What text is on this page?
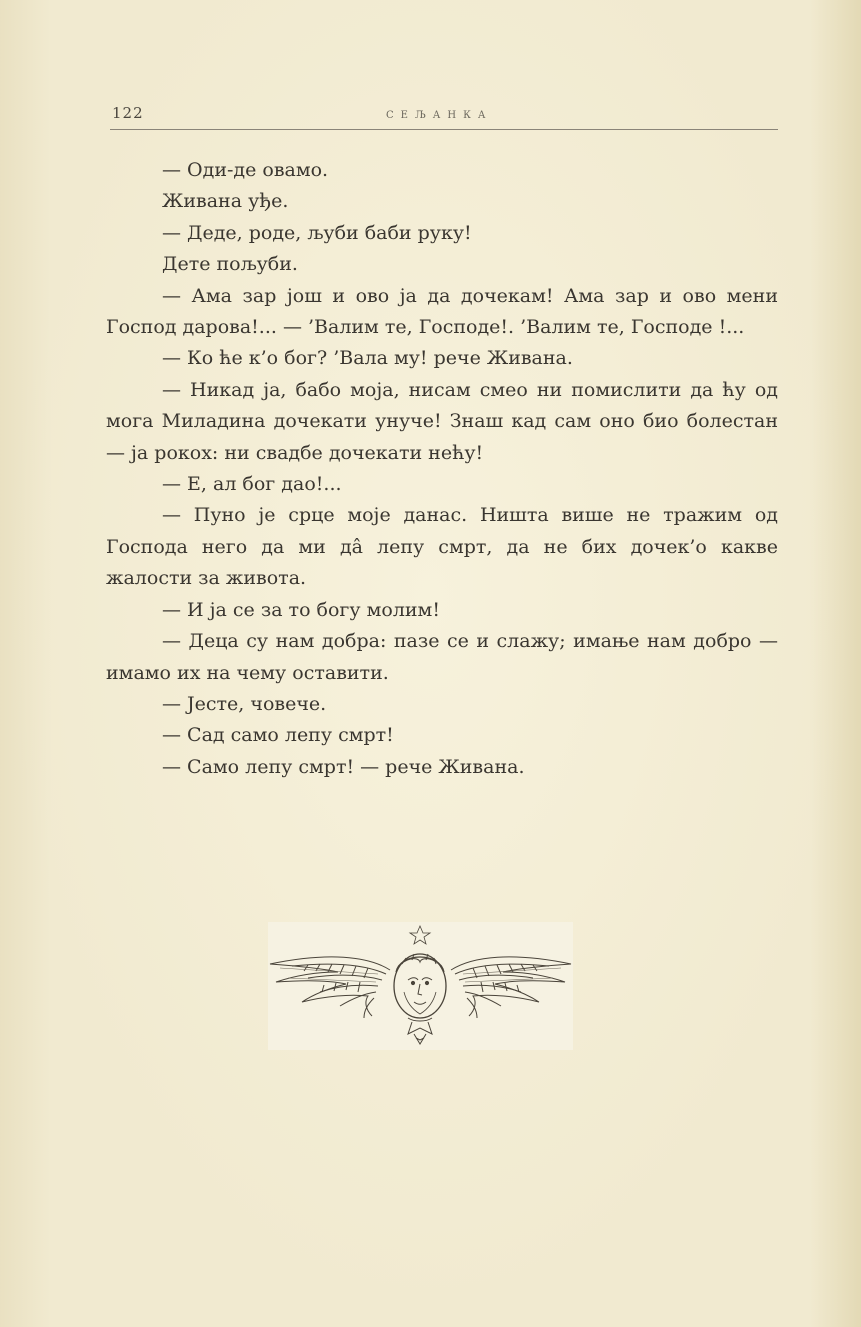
122	СЕЉАНКА

— Оди-де овамо.

Живана уђе.

— Деде, роде, љуби баби руку!

Дете пољуби.

— Ама зар још и ово ја да дочекам! Ама зар и ово мени Господ дарова!... — ’Валим те, Господе!. ’Валим те, Господе !...

— Ко ће к’о бог? ’Вала му! рече Живана.

— Никад ја, бабо моја, нисам смео ни помислити да ћу од мога Миладина дочекати унуче! Знаш кад сам оно био болестан — ја рокох: ни свадбе дочекати нећу!

— Е, ал бог дао!...

— Пуно је срце моје данас. Ништа више не тражим од Господа него да ми дâ лепу смрт, да не бих дочек’о какве жалости за живота.

— И ја се за то богу молим!

— Деца су нам добра: пазе се и слажу; имање нам добро — имамо их на чему оставити.

— Јесте, човече.

— Сад само лепу смрт!

— Само лепу смрт! — рече Живана.
